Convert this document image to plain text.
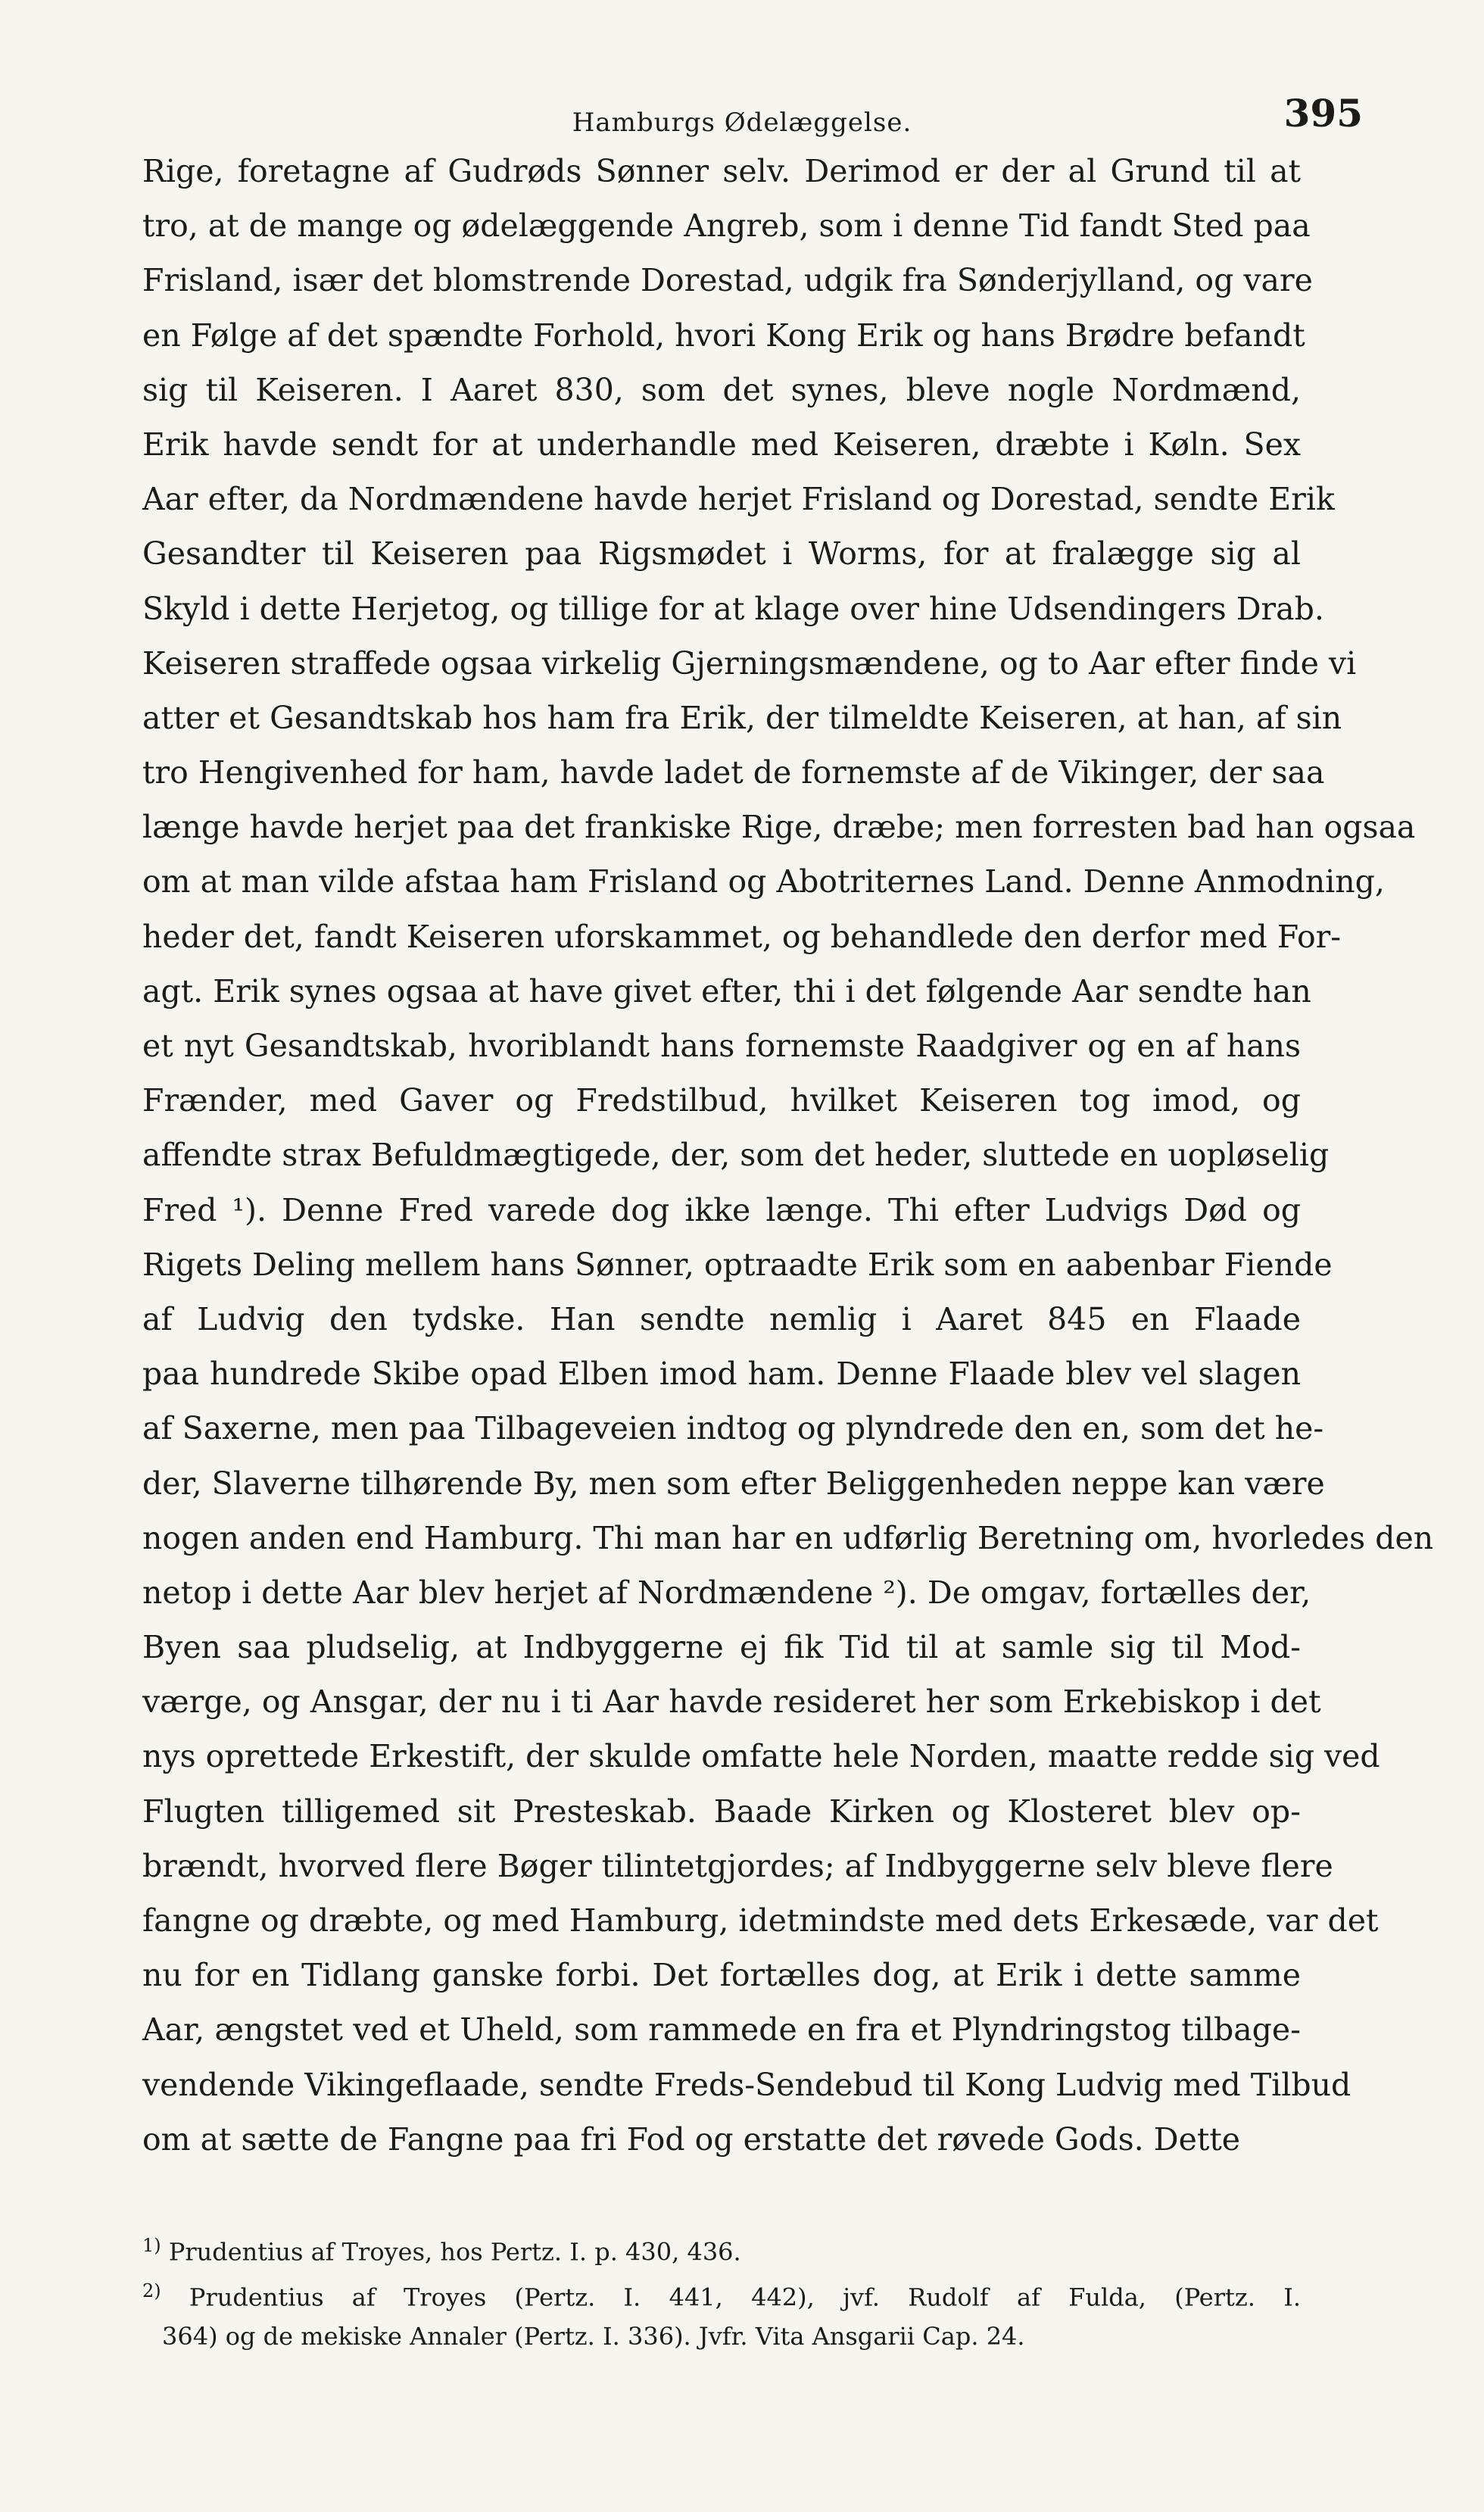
Hamburgs Ødelæggelse.	395
Rige, foretagne af Gudrøds Sønner selv. Derimod er der al Grund til at
tro, at de mange og ødelæggende Angreb, som i denne Tid fandt Sted paa
Frisland, især det blomstrende Dorestad, udgik fra Sønderjylland, og vare
en Følge af det spændte Forhold, hvori Kong Erik og hans Brødre befandt
sig til Keiseren. I Aaret 830, som det synes, bleve nogle Nordmænd,
Erik havde sendt for at underhandle med Keiseren, dræbte i Køln. Sex
Aar efter, da Nordmændene havde herjet Frisland og Dorestad, sendte Erik
Gesandter til Keiseren paa Rigsmødet i Worms, for at fralægge sig al
Skyld i dette Herjetog, og tillige for at klage over hine Udsendingers Drab.
Keiseren straffede ogsaa virkelig Gjerningsmændene, og to Aar efter finde vi
atter et Gesandtskab hos ham fra Erik, der tilmeldte Keiseren, at han, af sin
tro Hengivenhed for ham, havde ladet de fornemste af de Vikinger, der saa
længe havde herjet paa det frankiske Rige, dræbe; men forresten bad han ogsaa
om at man vilde afstaa ham Frisland og Abotriternes Land. Denne Anmodning,
heder det, fandt Keiseren uforskammet, og behandlede den derfor med For-
agt. Erik synes ogsaa at have givet efter, thi i det følgende Aar sendte han
et nyt Gesandtskab, hvoriblandt hans fornemste Raadgiver og en af hans
Frænder, med Gaver og Fredstilbud, hvilket Keiseren tog imod, og
affendte strax Befuldmægtigede, der, som det heder, sluttede en uopløselig
Fred ¹). Denne Fred varede dog ikke længe. Thi efter Ludvigs Død og
Rigets Deling mellem hans Sønner, optraadte Erik som en aabenbar Fiende
af Ludvig den tydske. Han sendte nemlig i Aaret 845 en Flaade
paa hundrede Skibe opad Elben imod ham. Denne Flaade blev vel slagen
af Saxerne, men paa Tilbageveien indtog og plyndrede den en, som det he-
der, Slaverne tilhørende By, men som efter Beliggenheden neppe kan være
nogen anden end Hamburg. Thi man har en udførlig Beretning om, hvorledes den
netop i dette Aar blev herjet af Nordmændene ²). De omgav, fortælles der,
Byen saa pludselig, at Indbyggerne ej fik Tid til at samle sig til Mod-
værge, og Ansgar, der nu i ti Aar havde resideret her som Erkebiskop i det
nys oprettede Erkestift, der skulde omfatte hele Norden, maatte redde sig ved
Flugten tilligemed sit Presteskab. Baade Kirken og Klosteret blev op-
brændt, hvorved flere Bøger tilintetgjordes; af Indbyggerne selv bleve flere
fangne og dræbte, og med Hamburg, idetmindste med dets Erkesæde, var det
nu for en Tidlang ganske forbi. Det fortælles dog, at Erik i dette samme
Aar, ængstet ved et Uheld, som rammede en fra et Plyndringstog tilbage-
vendende Vikingeflaade, sendte Freds-Sendebud til Kong Ludvig med Tilbud
om at sætte de Fangne paa fri Fod og erstatte det røvede Gods. Dette
$^{1)}$ Prudentius af Troyes, hos Pertz. I. p. 430, 436.
$^{2)}$ Prudentius af Troyes (Pertz. I. 441, 442), jvf. Rudolf af Fulda, (Pertz. I.
364) og de mekiske Annaler (Pertz. I. 336). Jvfr. Vita Ansgarii Cap. 24.
